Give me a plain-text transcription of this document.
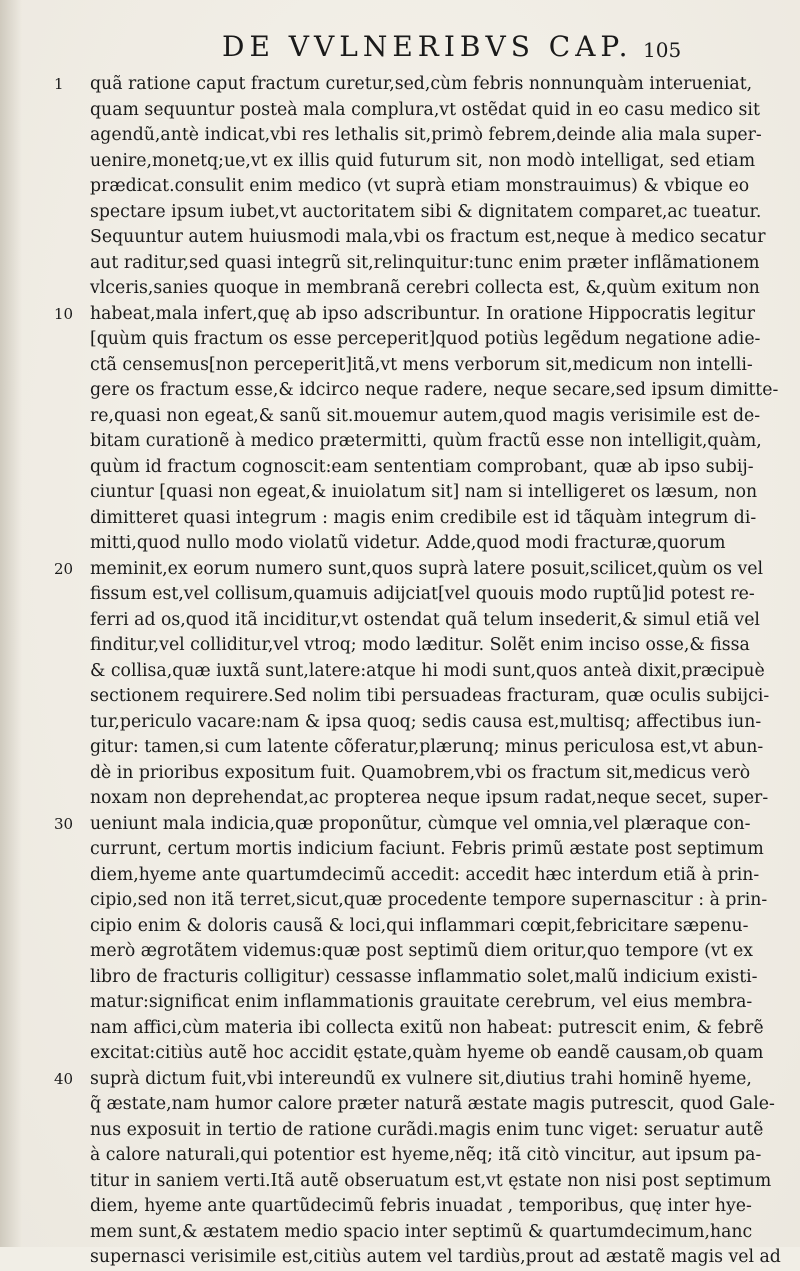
DE VVLNERIBVS CAP. 105
1	quã ratione caput fractum curetur,sed,cùm febris nonnunquàm interueniat,
quam sequuntur posteà mala complura,vt ostẽdat quid in eo casu medico sit
agendũ,antè indicat,vbi res lethalis sit,primò febrem,deinde alia mala super-
uenire,monetq;ue,vt ex illis quid futurum sit, non modò intelligat, sed etiam
prædicat.consulit enim medico (vt suprà etiam monstrauimus) & vbique eo
spectare ipsum iubet,vt auctoritatem sibi & dignitatem comparet,ac tueatur.
Sequuntur autem huiusmodi mala,vbi os fractum est,neque à medico secatur
aut raditur,sed quasi integrũ sit,relinquitur:tunc enim præter inflãmationem
vlceris,sanies quoque in membranã cerebri collecta est, &,quùm exitum non
10 habeat,mala infert,quę ab ipso adscribuntur. In oratione Hippocratis legitur
[quùm quis fractum os esse perceperit]quod potiùs legẽdum negatione adie-
ctã censemus[non perceperit]itã,vt mens verborum sit,medicum non intelli-
gere os fractum esse,& idcirco neque radere, neque secare,sed ipsum dimitte-
re,quasi non egeat,& sanũ sit.mouemur autem,quod magis verisimile est de-
bitam curationẽ à medico prætermitti, quùm fractũ esse non intelligit,quàm,
quùm id fractum cognoscit:eam sententiam comprobant, quæ ab ipso subij-
ciuntur [quasi non egeat,& inuiolatum sit] nam si intelligeret os læsum, non
dimitteret quasi integrum : magis enim credibile est id tãquàm integrum di-
mitti,quod nullo modo violatũ videtur. Adde,quod modi fracturæ,quorum
20 meminit,ex eorum numero sunt,quos suprà latere posuit,scilicet,quùm os vel
fissum est,vel collisum,quamuis adijciat[vel quouis modo ruptũ]id potest re-
ferri ad os,quod itã inciditur,vt ostendat quã telum insederit,& simul etiã vel
finditur,vel colliditur,vel vtroq; modo læditur. Solẽt enim inciso osse,& fissa
& collisa,quæ iuxtã sunt,latere:atque hi modi sunt,quos anteà dixit,præcipuè
sectionem requirere.Sed nolim tibi persuadeas fracturam, quæ oculis subijci-
tur,periculo vacare:nam & ipsa quoq; sedis causa est,multisq; affectibus iun-
gitur: tamen,si cum latente cõferatur,plærunq; minus periculosa est,vt abun-
dè in prioribus expositum fuit. Quamobrem,vbi os fractum sit,medicus verò
noxam non deprehendat,ac propterea neque ipsum radat,neque secet, super-
30 ueniunt mala indicia,quæ proponũtur, cùmque vel omnia,vel plæraque con-
currunt, certum mortis indicium faciunt. Febris primũ æstate post septimum
diem,hyeme ante quartumdecimũ accedit: accedit hæc interdum etiã à prin-
cipio,sed non itã terret,sicut,quæ procedente tempore supernascitur : à prin-
cipio enim & doloris causã & loci,qui inflammari cœpit,febricitare sæpenu-
merò ægrotãtem videmus:quæ post septimũ diem oritur,quo tempore (vt ex
libro de fracturis colligitur) cessasse inflammatio solet,malũ indicium existi-
matur:significat enim inflammationis grauitate cerebrum, vel eius membra-
nam affici,cùm materia ibi collecta exitũ non habeat: putrescit enim, & febrẽ
excitat:citiùs autẽ hoc accidit ęstate,quàm hyeme ob eandẽ causam,ob quam
40 suprà dictum fuit,vbi intereundũ ex vulnere sit,diutius trahi hominẽ hyeme,
q̃ æstate,nam humor calore præter naturã æstate magis putrescit, quod Gale-
nus exposuit in tertio de ratione curãdi.magis enim tunc viget: seruatur autẽ
à calore naturali,qui potentior est hyeme,nẽq; itã citò vincitur, aut ipsum pa-
titur in saniem verti.Itã autẽ obseruatum est,vt ęstate non nisi post septimum
diem, hyeme ante quartũdecimũ febris inuadat , temporibus, quę inter hye-
mem sunt,& æstatem medio spacio inter septimũ & quartumdecimum,hanc
supernasci verisimile est,citiùs autem vel tardiùs,prout ad æstatẽ magis vel ad
